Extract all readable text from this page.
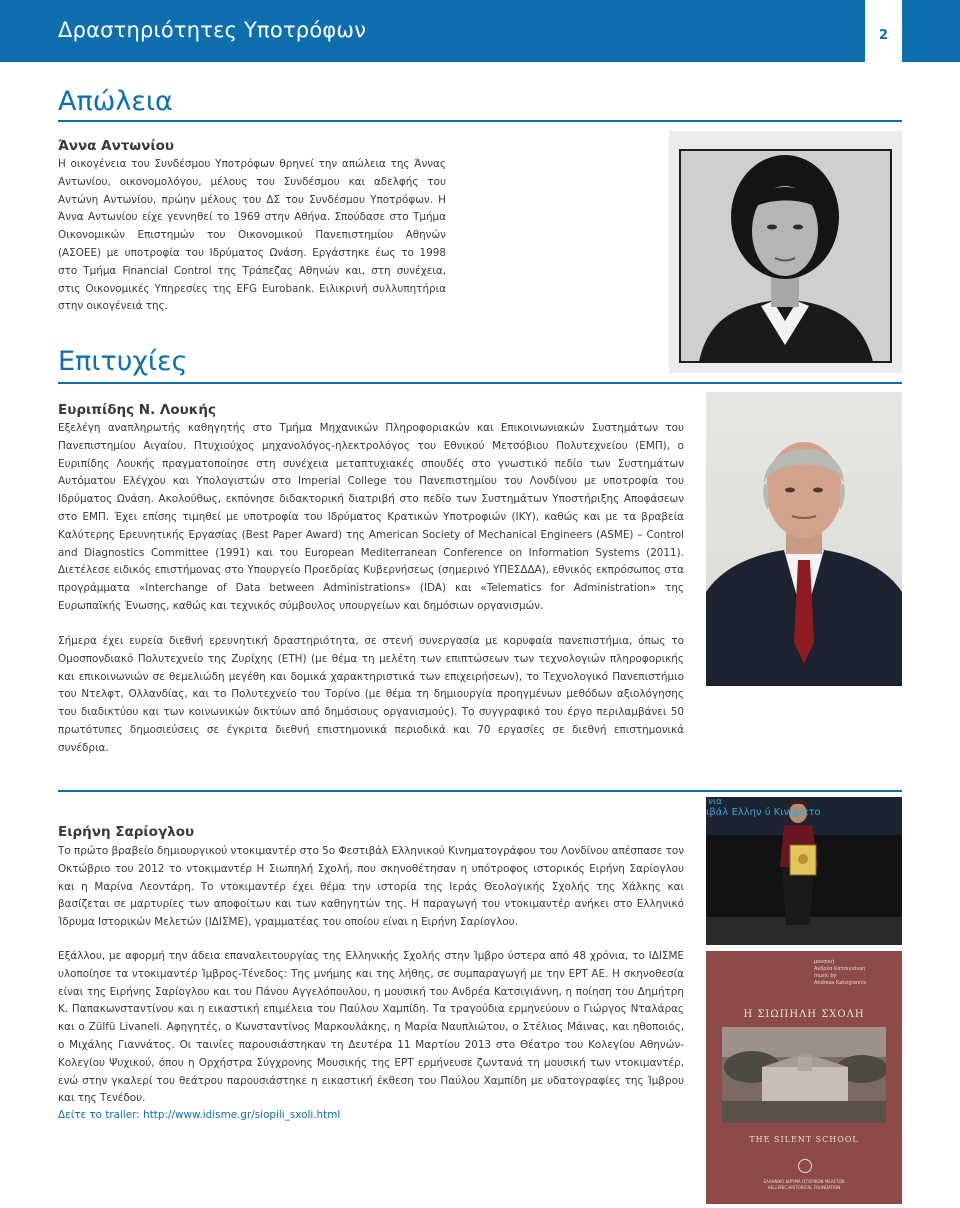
Δραστηριότητες Υποτρόφων	2
Απώλεια
Άννα Αντωνίου
Η οικογένεια του Συνδέσμου Υποτρόφων θρηνεί την απώλεια της Άννας Αντωνίου, οικονομολόγου, μέλους του Συνδέσμου και αδελφής του Αντώνη Αντωνίου, πρώην μέλους του ΔΣ του Συνδέσμου Υποτρόφων. Η Άννα Αντωνίου είχε γεννηθεί το 1969 στην Αθήνα. Σπούδασε στο Τμήμα Οικονομικών Επιστημών του Οικονομικού Πανεπιστημίου Αθηνών (ΑΣΟΕΕ) με υποτροφία του Ιδρύματος Ωνάση. Εργάστηκε έως το 1998 στο Τμήμα Financial Control της Τράπεζας Αθηνών και, στη συνέχεια, στις Οικονομικές Υπηρεσίες της EFG Eurobank. Ειλικρινή συλλυπητήρια στην οικογένειά της.
Επιτυχίες
Ευριπίδης Ν. Λουκής
Εξελέγη αναπληρωτής καθηγητής στο Τμήμα Μηχανικών Πληροφοριακών και Επικοινωνιακών Συστημάτων του Πανεπιστημίου Αιγαίου. Πτυχιούχος μηχανολόγος-ηλεκτρολόγος του Εθνικού Μετσόβιου Πολυτεχνείου (ΕΜΠ), ο Ευριπίδης Λουκής πραγματοποίησε στη συνέχεια μεταπτυχιακές σπουδές στο γνωστικό πεδίο των Συστημάτων Αυτόματου Ελέγχου και Υπολογιστών στο Imperial College του Πανεπιστημίου του Λονδίνου με υποτροφία του Ιδρύματος Ωνάση. Ακολούθως, εκπόνησε διδακτορική διατριβή στο πεδίο των Συστημάτων Υποστήριξης Αποφάσεων στο ΕΜΠ. Έχει επίσης τιμηθεί με υποτροφία του Ιδρύματος Κρατικών Υποτροφιών (ΙΚΥ), καθώς και με τα βραβεία Καλύτερης Ερευνητικής Εργασίας (Best Paper Award) της American Society of Mechanical Engineers (ASME) – Control and Diagnostics Committee (1991) και του European Mediterranean Conference on Information Systems (2011). Διετέλεσε ειδικός επιστήμονας στο Υπουργείο Προεδρίας Κυβερνήσεως (σημερινό ΥΠΕΣΔΔΑ), εθνικός εκπρόσωπος στα προγράμματα «Interchange of Data between Administrations» (IDA) και «Telematics for Administration» της Ευρωπαϊκής Ένωσης, καθώς και τεχνικός σύμβουλος υπουργείων και δημόσιων οργανισμών.
Σήμερα έχει ευρεία διεθνή ερευνητική δραστηριότητα, σε στενή συνεργασία με κορυφαία πανεπιστήμια, όπως το Ομοσπονδιακό Πολυτεχνείο της Ζυρίχης (ETH) (με θέμα τη μελέτη των επιπτώσεων των τεχνολογιών πληροφορικής και επικοινωνιών σε θεμελιώδη μεγέθη και δομικά χαρακτηριστικά των επιχειρήσεων), το Τεχνολογικό Πανεπιστήμιο του Ντελφτ, Ολλανδίας, και το Πολυτεχνείο του Τορίνο (με θέμα τη δημιουργία προηγμένων μεθόδων αξιολόγησης του διαδικτύου και των κοινωνικών δικτύων από δημόσιους οργανισμούς). Το συγγραφικό του έργο περιλαμβάνει 50 πρωτότυπες δημοσιεύσεις σε έγκριτα διεθνή επιστημονικά περιοδικά και 70 εργασίες σε διεθνή επιστημονικά συνέδρια.
Ειρήνη Σαρίογλου
Το πρώτο βραβείο δημιουργικού ντοκιμαντέρ στο 5ο Φεστιβάλ Ελληνικού Κινηματογράφου του Λονδίνου απέσπασε τον Οκτώβριο του 2012 το ντοκιμαντέρ Η Σιωπηλή Σχολή, που σκηνοθέτησαν η υπότροφος ιστορικός Ειρήνη Σαρίογλου και η Μαρίνα Λεοντάρη. Το ντοκιμαντέρ έχει θέμα την ιστορία της Ιεράς Θεολογικής Σχολής της Χάλκης και βασίζεται σε μαρτυρίες των αποφοίτων και των καθηγητών της. Η παραγωγή του ντοκιμαντέρ ανήκει στο Ελληνικό Ίδρυμα Ιστορικών Μελετών (ΙΔΙΣΜΕ), γραμματέας του οποίου είναι η Ειρήνη Σαρίογλου.
Εξάλλου, με αφορμή την άδεια επαναλειτουργίας της Ελληνικής Σχολής στην Ίμβρο ύστερα από 48 χρόνια, το ΙΔΙΣΜΕ υλοποίησε τα ντοκιμαντέρ Ίμβρος-Τένεδος: Της μνήμης και της λήθης, σε συμπαραγωγή με την ΕΡΤ ΑΕ. Η σκηνοθεσία είναι της Ειρήνης Σαρίογλου και του Πάνου Αγγελόπουλου, η μουσική του Ανδρέα Κατσιγιάννη, η ποίηση του Δημήτρη Κ. Παπακωνσταντίνου και η εικαστική επιμέλεια του Παύλου Χαμπίδη. Τα τραγούδια ερμηνεύουν ο Γιώργος Νταλάρας και ο Zülfü Livaneli. Αφηγητές, ο Κωνσταντίνος Μαρκουλάκης, η Μαρία Ναυπλιώτου, ο Στέλιος Μάινας, και ηθοποιός, ο Μιχάλης Γιαννάτος. Οι ταινίες παρουσιάστηκαν τη Δευτέρα 11 Μαρτίου 2013 στο Θέατρο του Κολεγίου Αθηνών-Κολεγίου Ψυχικού, όπου η Ορχήστρα Σύγχρονης Μουσικής της ΕΡΤ ερμήνευσε ζωντανά τη μουσική των ντοκιμαντέρ, ενώ στην γκαλερί του θεάτρου παρουσιάστηκε η εικαστική έκθεση του Παύλου Χαμπίδη με υδατογραφίες της Ίμβρου και της Τενέδου.
Δείτε το trailer: http://www.idisme.gr/siopili_sxoli.html
νια
ιβάλ Ελλην ύ Κινηματο
μουσική
Ανδρέα Κατσιγιάννη
music by
Andreas Katsigiannis
Η ΣΙΩΠΗΛΗ ΣΧΟΛΗ
THE SILENT SCHOOL
ΕΛΛΗΝΙΚΟ ΙΔΡΥΜΑ ΙΣΤΟΡΙΚΩΝ ΜΕΛΕΤΩΝ
HELLENIC HISTORICAL FOUNDATION
